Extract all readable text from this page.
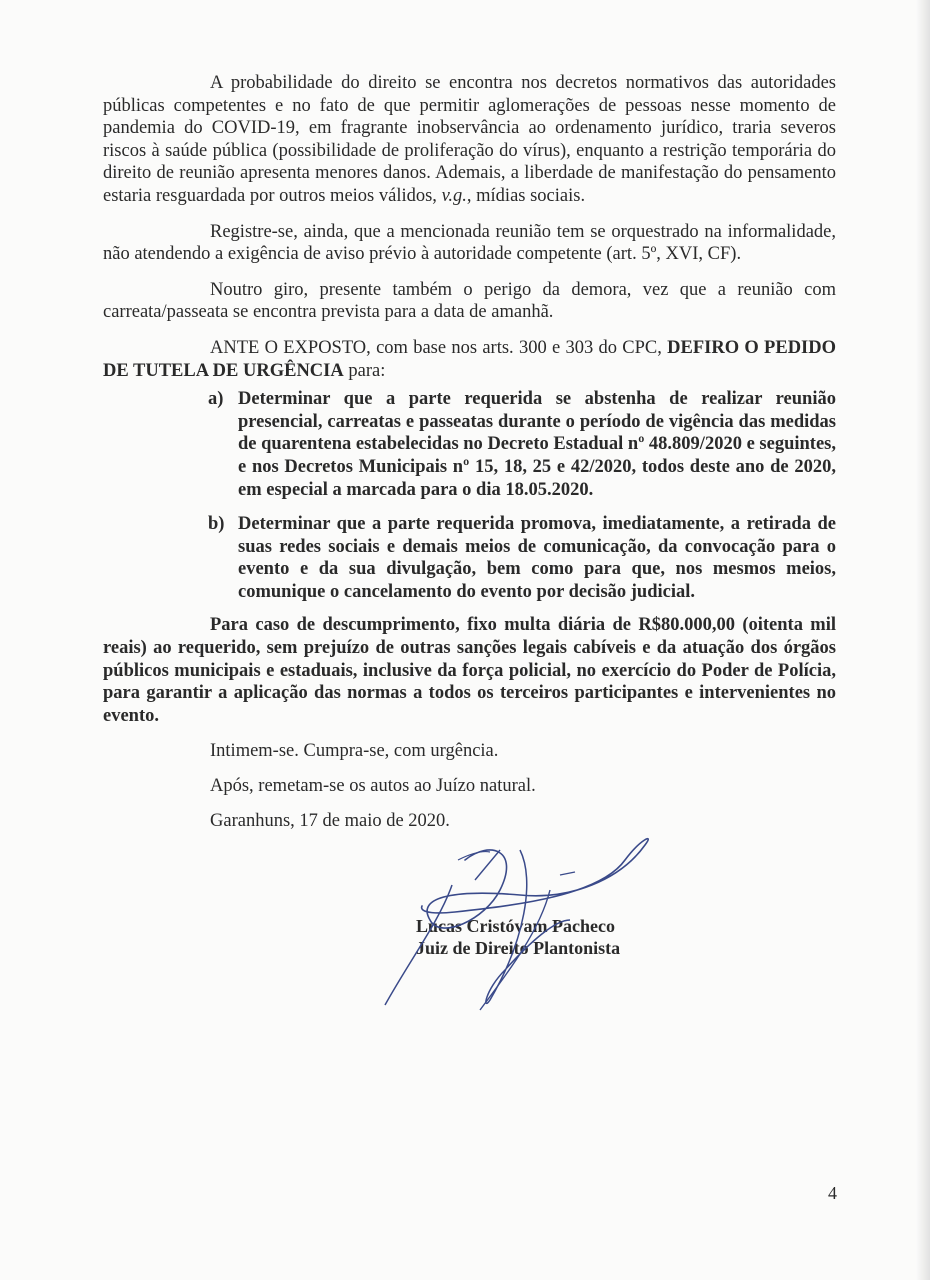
A probabilidade do direito se encontra nos decretos normativos das autoridades públicas competentes e no fato de que permitir aglomerações de pessoas nesse momento de pandemia do COVID-19, em fragrante inobservância ao ordenamento jurídico, traria severos riscos à saúde pública (possibilidade de proliferação do vírus), enquanto a restrição temporária do direito de reunião apresenta menores danos. Ademais, a liberdade de manifestação do pensamento estaria resguardada por outros meios válidos, v.g., mídias sociais.

Registre-se, ainda, que a mencionada reunião tem se orquestrado na informalidade, não atendendo a exigência de aviso prévio à autoridade competente (art. 5º, XVI, CF).

Noutro giro, presente também o perigo da demora, vez que a reunião com carreata/passeata se encontra prevista para a data de amanhã.

ANTE O EXPOSTO, com base nos arts. 300 e 303 do CPC, DEFIRO O PEDIDO DE TUTELA DE URGÊNCIA para:

a) Determinar que a parte requerida se abstenha de realizar reunião presencial, carreatas e passeatas durante o período de vigência das medidas de quarentena estabelecidas no Decreto Estadual nº 48.809/2020 e seguintes, e nos Decretos Municipais nº 15, 18, 25 e 42/2020, todos deste ano de 2020, em especial a marcada para o dia 18.05.2020.
b) Determinar que a parte requerida promova, imediatamente, a retirada de suas redes sociais e demais meios de comunicação, da convocação para o evento e da sua divulgação, bem como para que, nos mesmos meios, comunique o cancelamento do evento por decisão judicial.

Para caso de descumprimento, fixo multa diária de R$80.000,00 (oitenta mil reais) ao requerido, sem prejuízo de outras sanções legais cabíveis e da atuação dos órgãos públicos municipais e estaduais, inclusive da força policial, no exercício do Poder de Polícia, para garantir a aplicação das normas a todos os terceiros participantes e intervenientes no evento.

Intimem-se. Cumpra-se, com urgência.

Após, remetam-se os autos ao Juízo natural.

Garanhuns, 17 de maio de 2020.

Lucas Cristóvam Pacheco
Juiz de Direito Plantonista
4
